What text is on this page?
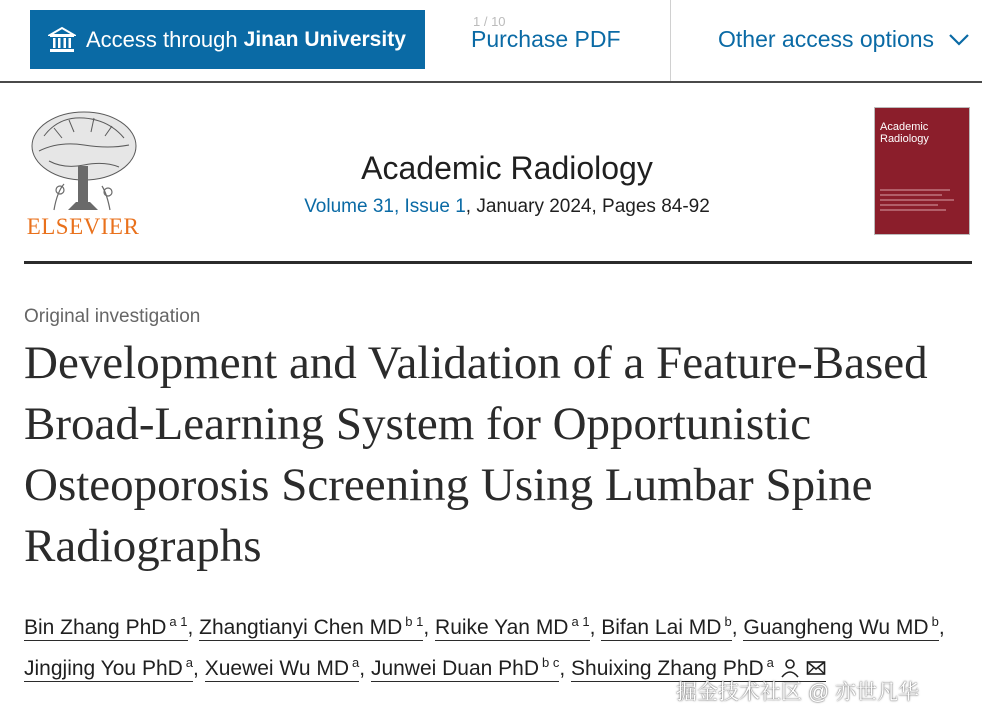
Access through Jinan University
1 / 10
Purchase PDF	Other access options
ELSEVIER
Academic Radiology
Volume 31, Issue 1, January 2024, Pages 84-92
Academic Radiology
Original investigation
Development and Validation of a Feature-Based Broad-Learning System for Opportunistic Osteoporosis Screening Using Lumbar Spine Radiographs
Bin Zhang PhD $^{a 1}$, Zhangtianyi Chen MD $^{b 1}$, Ruike Yan MD $^{a 1}$, Bifan Lai MD $^b$, Guangheng Wu MD $^b$, Jingjing You PhD $^a$, Xuewei Wu MD $^a$, Junwei Duan PhD $^{b c}$, Shuixing Zhang PhD $^a$
掘金技术社区 @ 亦世凡华
